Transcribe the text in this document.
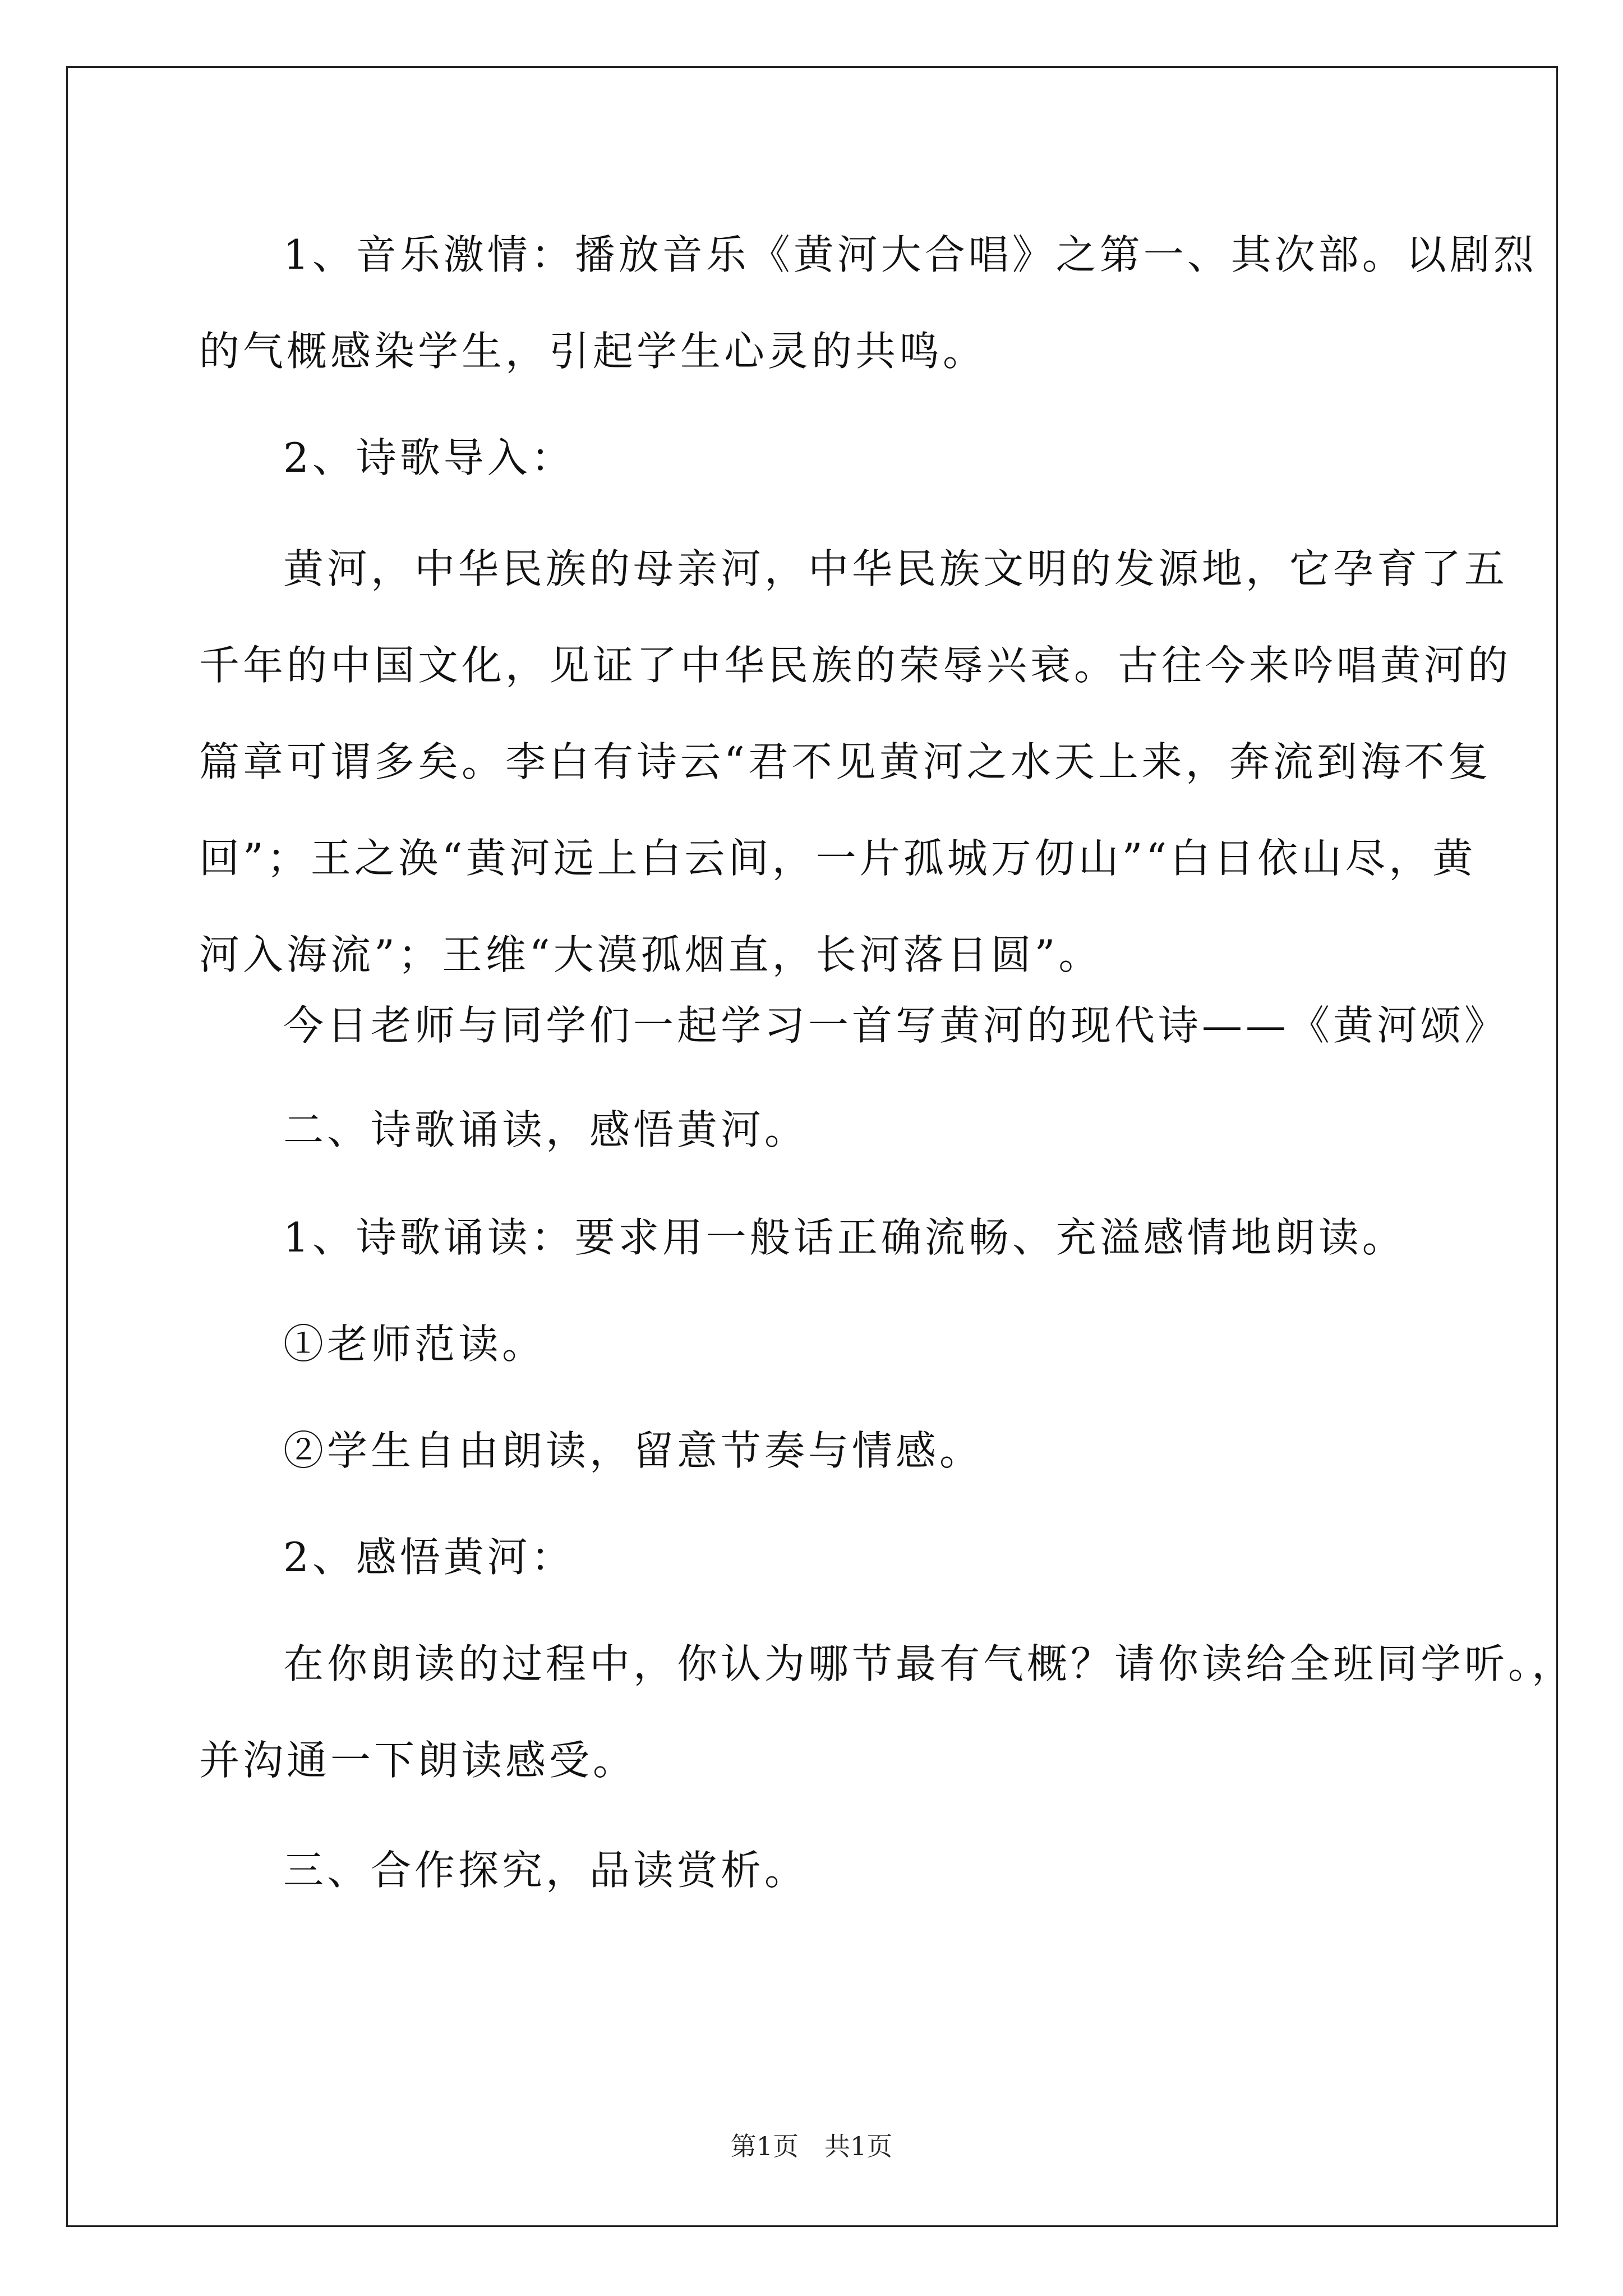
1、音乐激情：播放音乐《黄河大合唱》之第一、其次部。以剧烈
的气概感染学生，引起学生心灵的共鸣。
2、诗歌导入：
黄河，中华民族的母亲河，中华民族文明的发源地，它孕育了五
千年的中国文化，见证了中华民族的荣辱兴衰。古往今来吟唱黄河的
篇章可谓多矣。李白有诗云“君不见黄河之水天上来，奔流到海不复
回”；王之涣“黄河远上白云间，一片孤城万仞山”“白日依山尽，黄
河入海流”；王维“大漠孤烟直，长河落日圆”。
今日老师与同学们一起学习一首写黄河的现代诗——《黄河颂》
二、诗歌诵读，感悟黄河。
1、诗歌诵读：要求用一般话正确流畅、充溢感情地朗读。
①老师范读。
②学生自由朗读，留意节奏与情感。
2、感悟黄河：
在你朗读的过程中，你认为哪节最有气概？请你读给全班同学听。，
并沟通一下朗读感受。
三、合作探究，品读赏析。
第1页　共1页
